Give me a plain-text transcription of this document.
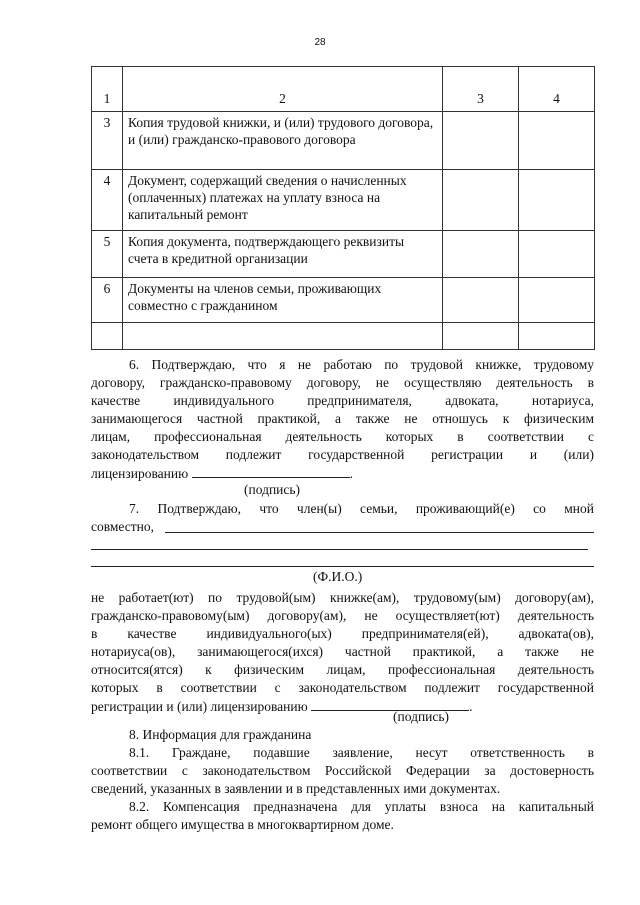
28
1	2	3	4
3	Копия трудовой книжки, и (или) трудового договора, и (или) гражданско-правового договора		
4	Документ, содержащий сведения о начисленных (оплаченных) платежах на уплату взноса на капитальный ремонт		
5	Копия документа, подтверждающего реквизиты счета в кредитной организации		
6	Документы на членов семьи, проживающих совместно с гражданином		

6. Подтверждаю, что я не работаю по трудовой книжке, трудовому
договору, гражданско-правовому договору, не осуществляю деятельность в
качестве индивидуального предпринимателя, адвоката, нотариуса,
занимающегося частной практикой, а также не отношусь к физическим
лицам, профессиональная деятельность которых в соответствии с
законодательством подлежит государственной регистрации и (или)
лицензированию	.
(подпись)
7. Подтверждаю, что член(ы) семьи, проживающий(е) со мной
совместно,
(Ф.И.О.)
не работает(ют) по трудовой(ым) книжке(ам), трудовому(ым) договору(ам),
гражданско-правовому(ым) договору(ам), не осуществляет(ют) деятельность
в качестве индивидуального(ых) предпринимателя(ей), адвоката(ов),
нотариуса(ов), занимающегося(ихся) частной практикой, а также не
относится(ятся) к физическим лицам, профессиональная деятельность
которых в соответствии с законодательством подлежит государственной
регистрации и (или) лицензированию	.
(подпись)
8. Информация для гражданина
8.1. Граждане, подавшие заявление, несут ответственность в
соответствии с законодательством Российской Федерации за достоверность
сведений, указанных в заявлении и в представленных ими документах.
8.2. Компенсация предназначена для уплаты взноса на капитальный
ремонт общего имущества в многоквартирном доме.
